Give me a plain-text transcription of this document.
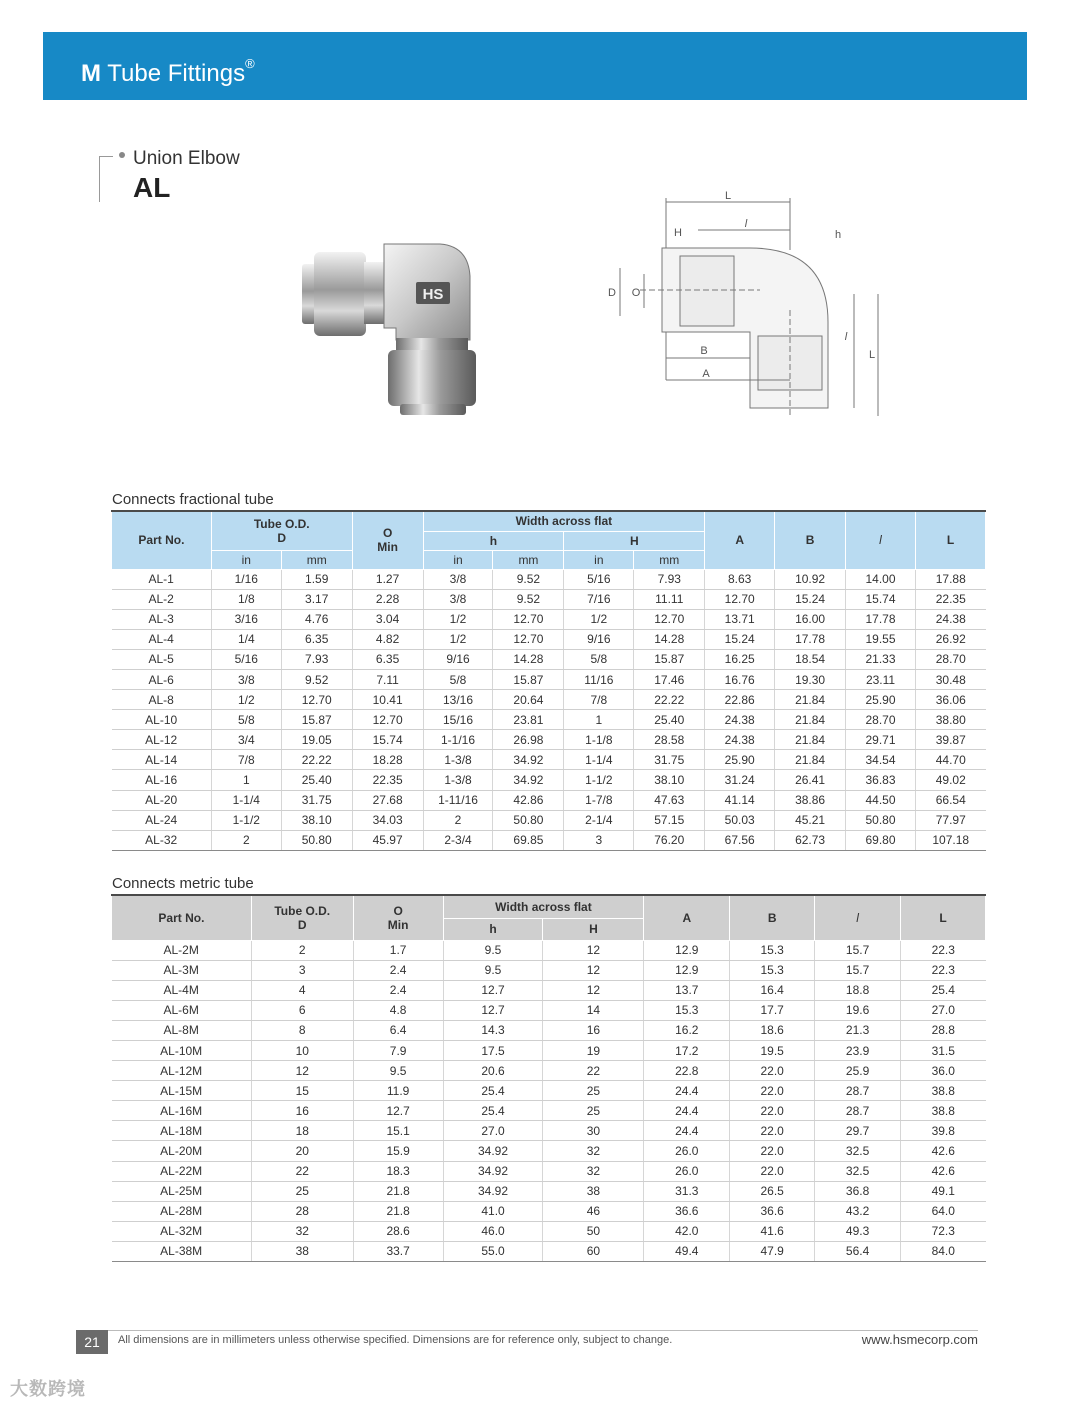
M Tube Fittings®
Union Elbow
AL
HS
L
l
H	h
D O
B
A
l
L
Connects fractional tube
Part No.	Tube O.D.
D		O
Min	Width across flat				A	B	l	L
				h		H					
	in	mm		in	mm	in	mm				
AL-1	1/16	1.59	1.27	3/8	9.52	5/16	7.93	8.63	10.92	14.00	17.88
AL-2	1/8	3.17	2.28	3/8	9.52	7/16	11.11	12.70	15.24	15.74	22.35
AL-3	3/16	4.76	3.04	1/2	12.70	1/2	12.70	13.71	16.00	17.78	24.38
AL-4	1/4	6.35	4.82	1/2	12.70	9/16	14.28	15.24	17.78	19.55	26.92
AL-5	5/16	7.93	6.35	9/16	14.28	5/8	15.87	16.25	18.54	21.33	28.70
AL-6	3/8	9.52	7.11	5/8	15.87	11/16	17.46	16.76	19.30	23.11	30.48
AL-8	1/2	12.70	10.41	13/16	20.64	7/8	22.22	22.86	21.84	25.90	36.06
AL-10	5/8	15.87	12.70	15/16	23.81	1	25.40	24.38	21.84	28.70	38.80
AL-12	3/4	19.05	15.74	1-1/16	26.98	1-1/8	28.58	24.38	21.84	29.71	39.87
AL-14	7/8	22.22	18.28	1-3/8	34.92	1-1/4	31.75	25.90	21.84	34.54	44.70
AL-16	1	25.40	22.35	1-3/8	34.92	1-1/2	38.10	31.24	26.41	36.83	49.02
AL-20	1-1/4	31.75	27.68	1-11/16	42.86	1-7/8	47.63	41.14	38.86	44.50	66.54
AL-24	1-1/2	38.10	34.03	2	50.80	2-1/4	57.15	50.03	45.21	50.80	77.97
AL-32	2	50.80	45.97	2-3/4	69.85	3	76.20	67.56	62.73	69.80	107.18
Connects metric tube
Part No.	Tube O.D.
D	O
Min	Width across flat		A	B	l	L
			h	H				
AL-2M	2	1.7	9.5	12	12.9	15.3	15.7	22.3
AL-3M	3	2.4	9.5	12	12.9	15.3	15.7	22.3
AL-4M	4	2.4	12.7	12	13.7	16.4	18.8	25.4
AL-6M	6	4.8	12.7	14	15.3	17.7	19.6	27.0
AL-8M	8	6.4	14.3	16	16.2	18.6	21.3	28.8
AL-10M	10	7.9	17.5	19	17.2	19.5	23.9	31.5
AL-12M	12	9.5	20.6	22	22.8	22.0	25.9	36.0
AL-15M	15	11.9	25.4	25	24.4	22.0	28.7	38.8
AL-16M	16	12.7	25.4	25	24.4	22.0	28.7	38.8
AL-18M	18	15.1	27.0	30	24.4	22.0	29.7	39.8
AL-20M	20	15.9	34.92	32	26.0	22.0	32.5	42.6
AL-22M	22	18.3	34.92	32	26.0	22.0	32.5	42.6
AL-25M	25	21.8	34.92	38	31.3	26.5	36.8	49.1
AL-28M	28	21.8	41.0	46	36.6	36.6	43.2	64.0
AL-32M	32	28.6	46.0	50	42.0	41.6	49.3	72.3
AL-38M	38	33.7	55.0	60	49.4	47.9	56.4	84.0
21	All dimensions are in millimeters unless otherwise specified. Dimensions are for reference only, subject to change.	www.hsmecorp.com
大数跨境
